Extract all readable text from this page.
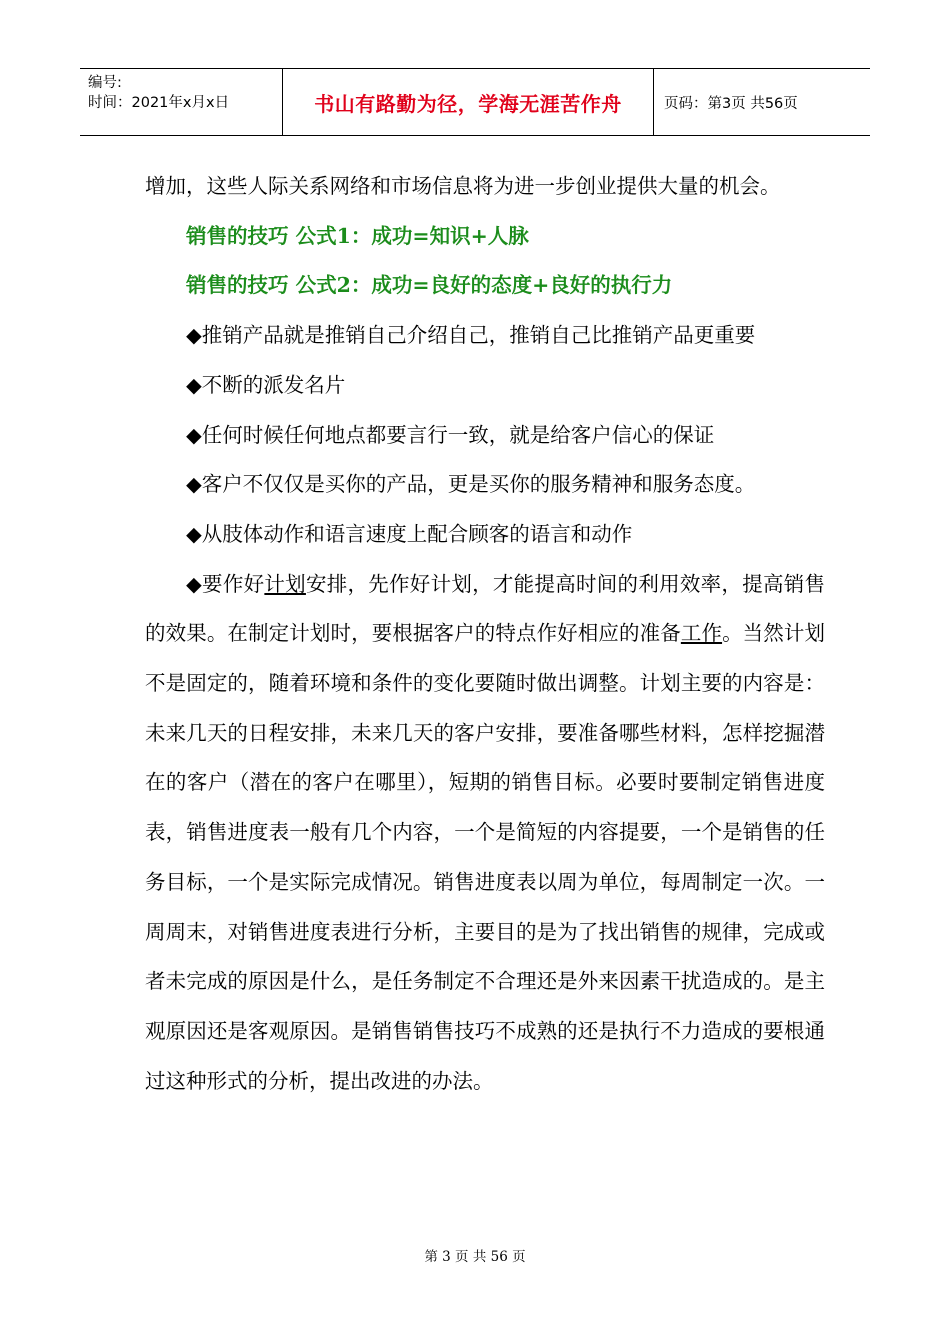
编号:
时间：2021年x月x日	书山有路勤为径，学海无涯苦作舟	页码：第3页 共56页

增加，这些人际关系网络和市场信息将为进一步创业提供大量的机会。

销售的技巧 公式1：成功=知识+人脉

销售的技巧 公式2：成功=良好的态度+良好的执行力

◆推销产品就是推销自己介绍自己，推销自己比推销产品更重要

◆不断的派发名片

◆任何时候任何地点都要言行一致，就是给客户信心的保证

◆客户不仅仅是买你的产品，更是买你的服务精神和服务态度。

◆从肢体动作和语言速度上配合顾客的语言和动作

◆要作好计划安排，先作好计划，才能提高时间的利用效率，提高销售的效果。在制定计划时，要根据客户的特点作好相应的准备工作。当然计划不是固定的，随着环境和条件的变化要随时做出调整。计划主要的内容是：未来几天的日程安排，未来几天的客户安排，要准备哪些材料，怎样挖掘潜在的客户（潜在的客户在哪里），短期的销售目标。必要时要制定销售进度表，销售进度表一般有几个内容，一个是简短的内容提要，一个是销售的任务目标，一个是实际完成情况。销售进度表以周为单位，每周制定一次。一周周末，对销售进度表进行分析，主要目的是为了找出销售的规律，完成或者未完成的原因是什么，是任务制定不合理还是外来因素干扰造成的。是主观原因还是客观原因。是销售销售技巧不成熟的还是执行不力造成的要根通过这种形式的分析，提出改进的办法。

第 3 页 共 56 页
